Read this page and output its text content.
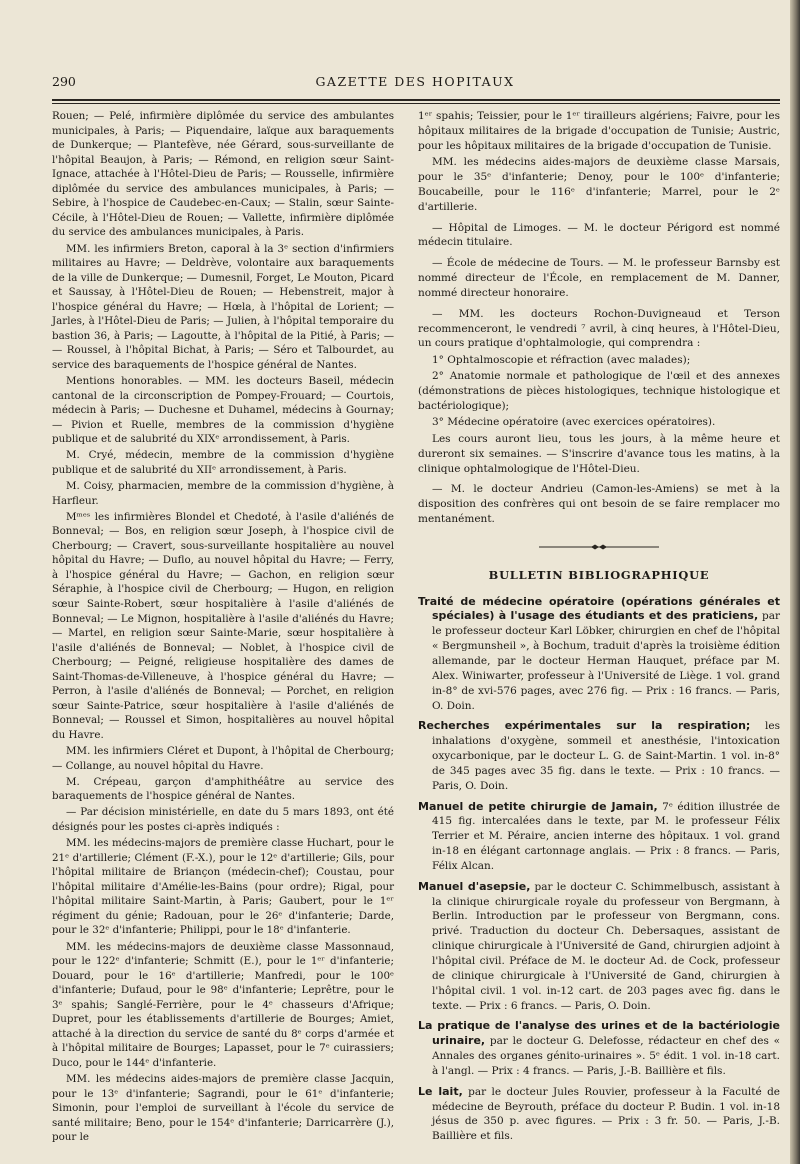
290	GAZETTE DES HOPITAUX

Rouen; — Pelé, infirmière diplômée du service des ambulantes municipales, à Paris; — Piquendaire, laïque aux baraquements de Dunkerque; — Plantefève, née Gérard, sous-surveillante de l'hôpital Beaujon, à Paris; — Rémond, en religion sœur Saint-Ignace, attachée à l'Hôtel-Dieu de Paris; — Rousselle, infirmière diplômée du service des ambulances municipales, à Paris; — Sebire, à l'hospice de Caudebec-en-Caux; — Stalin, sœur Sainte-Cécile, à l'Hôtel-Dieu de Rouen; — Vallette, infirmière diplômée du service des ambulances municipales, à Paris.

MM. les infirmiers Breton, caporal à la 3ᵉ section d'infirmiers militaires au Havre; — Deldrève, volontaire aux baraquements de la ville de Dunkerque; — Dumesnil, Forget, Le Mouton, Picard et Saussay, à l'Hôtel-Dieu de Rouen; — Hebenstreit, major à l'hospice général du Havre; — Hœla, à l'hôpital de Lorient; — Jarles, à l'Hôtel-Dieu de Paris; — Julien, à l'hôpital temporaire du bastion 36, à Paris; — Lagoutte, à l'hôpital de la Pitié, à Paris; — — Roussel, à l'hôpital Bichat, à Paris; — Séro et Talbourdet, au service des baraquements de l'hospice général de Nantes.

Mentions honorables. — MM. les docteurs Baseil, médecin cantonal de la circonscription de Pompey-Frouard; — Courtois, médecin à Paris; — Duchesne et Duhamel, médecins à Gournay; — Pivion et Ruelle, membres de la commission d'hygiène publique et de salubrité du XIXᵉ arrondissement, à Paris.

M. Cryé, médecin, membre de la commission d'hygiène publique et de salubrité du XIIᵉ arrondissement, à Paris.

M. Coisy, pharmacien, membre de la commission d'hygiène, à Harfleur.

Mᵐᵉˢ les infirmières Blondel et Chedoté, à l'asile d'aliénés de Bonneval; — Bos, en religion sœur Joseph, à l'hospice civil de Cherbourg; — Cravert, sous-surveillante hospitalière au nouvel hôpital du Havre; — Duflo, au nouvel hôpital du Havre; — Ferry, à l'hospice général du Havre; — Gachon, en religion sœur Séraphie, à l'hospice civil de Cherbourg; — Hugon, en religion sœur Sainte-Robert, sœur hospitalière à l'asile d'aliénés de Bonneval; — Le Mignon, hospitalière à l'asile d'aliénés du Havre; — Martel, en religion sœur Sainte-Marie, sœur hospitalière à l'asile d'aliénés de Bonneval; — Noblet, à l'hospice civil de Cherbourg; — Peigné, religieuse hospitalière des dames de Saint-Thomas-de-Villeneuve, à l'hospice général du Havre; — Perron, à l'asile d'aliénés de Bonneval; — Porchet, en religion sœur Sainte-Patrice, sœur hospitalière à l'asile d'aliénés de Bonneval; — Roussel et Simon, hospitalières au nouvel hôpital du Havre.

MM. les infirmiers Cléret et Dupont, à l'hôpital de Cherbourg; — Collange, au nouvel hôpital du Havre.

M. Crépeau, garçon d'amphithéâtre au service des baraquements de l'hospice général de Nantes.

— Par décision ministérielle, en date du 5 mars 1893, ont été désignés pour les postes ci-après indiqués :

MM. les médecins-majors de première classe Huchart, pour le 21ᵉ d'artillerie; Clément (F.-X.), pour le 12ᵉ d'artillerie; Gils, pour l'hôpital militaire de Briançon (médecin-chef); Coustau, pour l'hôpital militaire d'Amélie-les-Bains (pour ordre); Rigal, pour l'hôpital militaire Saint-Martin, à Paris; Gaubert, pour le 1ᵉʳ régiment du génie; Radouan, pour le 26ᵉ d'infanterie; Darde, pour le 32ᵉ d'infanterie; Philippi, pour le 18ᵉ d'infanterie.

MM. les médecins-majors de deuxième classe Massonnaud, pour le 122ᵉ d'infanterie; Schmitt (E.), pour le 1ᵉʳ d'infanterie; Douard, pour le 16ᵉ d'artillerie; Manfredi, pour le 100ᵉ d'infanterie; Dufaud, pour le 98ᵉ d'infanterie; Leprêtre, pour le 3ᵉ spahis; Sanglé-Ferrière, pour le 4ᵉ chasseurs d'Afrique; Dupret, pour les établissements d'artillerie de Bourges; Amiet, attaché à la direction du service de santé du 8ᵉ corps d'armée et à l'hôpital militaire de Bourges; Lapasset, pour le 7ᵉ cuirassiers; Duco, pour le 144ᵉ d'infanterie.

MM. les médecins aides-majors de première classe Jacquin, pour le 13ᵉ d'infanterie; Sagrandi, pour le 61ᵉ d'infanterie; Simonin, pour l'emploi de surveillant à l'école du service de santé militaire; Beno, pour le 154ᵉ d'infanterie; Darricarrère (J.), pour le

1ᵉʳ spahis; Teissier, pour le 1ᵉʳ tirailleurs algériens; Faivre, pour les hôpitaux militaires de la brigade d'occupation de Tunisie; Austric, pour les hôpitaux militaires de la brigade d'occupation de Tunisie.

MM. les médecins aides-majors de deuxième classe Marsais, pour le 35ᵉ d'infanterie; Denoy, pour le 100ᵉ d'infanterie; Boucabeille, pour le 116ᵉ d'infanterie; Marrel, pour le 2ᵉ d'artillerie.

— Hôpital de Limoges. — M. le docteur Périgord est nommé médecin titulaire.

— École de médecine de Tours. — M. le professeur Barnsby est nommé directeur de l'École, en remplacement de M. Danner, nommé directeur honoraire.

— MM. les docteurs Rochon-Duvigneaud et Terson recommenceront, le vendredi ⁷ avril, à cinq heures, à l'Hôtel-Dieu, un cours pratique d'ophtalmologie, qui comprendra :

1° Ophtalmoscopie et réfraction (avec malades);

2° Anatomie normale et pathologique de l'œil et des annexes (démonstrations de pièces histologiques, technique histologique et bactériologique);

3° Médecine opératoire (avec exercices opératoires).

Les cours auront lieu, tous les jours, à la même heure et dureront six semaines. — S'inscrire d'avance tous les matins, à la clinique ophtalmologique de l'Hôtel-Dieu.

— M. le docteur Andrieu (Camon-les-Amiens) se met à la disposition des confrères qui ont besoin de se faire remplacer mo mentanément.

BULLETIN BIBLIOGRAPHIQUE
Traité de médecine opératoire (opérations générales et spéciales) à l'usage des étudiants et des praticiens, par le professeur docteur Karl Löbker, chirurgien en chef de l'hôpital « Bergmunsheil », à Bochum, traduit d'après la troisième édition allemande, par le docteur Herman Hauquet, préface par M. Alex. Winiwarter, professeur à l'Université de Liège. 1 vol. grand in-8° de xvi-576 pages, avec 276 fig. — Prix : 16 francs. — Paris, O. Doin.
Recherches expérimentales sur la respiration; les inhalations d'oxygène, sommeil et anesthésie, l'intoxication oxycarbonique, par le docteur L. G. de Saint-Martin. 1 vol. in-8° de 345 pages avec 35 fig. dans le texte. — Prix : 10 francs. — Paris, O. Doin.
Manuel de petite chirurgie de Jamain, 7ᵉ édition illustrée de 415 fig. intercalées dans le texte, par M. le professeur Félix Terrier et M. Péraire, ancien interne des hôpitaux. 1 vol. grand in-18 en élégant cartonnage anglais. — Prix : 8 francs. — Paris, Félix Alcan.
Manuel d'asepsie, par le docteur C. Schimmelbusch, assistant à la clinique chirurgicale royale du professeur von Bergmann, à Berlin. Introduction par le professeur von Bergmann, cons. privé. Traduction du docteur Ch. Debersaques, assistant de clinique chirurgicale à l'Université de Gand, chirurgien adjoint à l'hôpital civil. Préface de M. le docteur Ad. de Cock, professeur de clinique chirurgicale à l'Université de Gand, chirurgien à l'hôpital civil. 1 vol. in-12 cart. de 203 pages avec fig. dans le texte. — Prix : 6 francs. — Paris, O. Doin.
La pratique de l'analyse des urines et de la bactériologie urinaire, par le docteur G. Delefosse, rédacteur en chef des « Annales des organes génito-urinaires ». 5ᵉ édit. 1 vol. in-18 cart. à l'angl. — Prix : 4 francs. — Paris, J.-B. Baillière et fils.
Le lait, par le docteur Jules Rouvier, professeur à la Faculté de médecine de Beyrouth, préface du docteur P. Budin. 1 vol. in-18 jésus de 350 p. avec figures. — Prix : 3 fr. 50. — Paris, J.-B. Baillière et fils.
